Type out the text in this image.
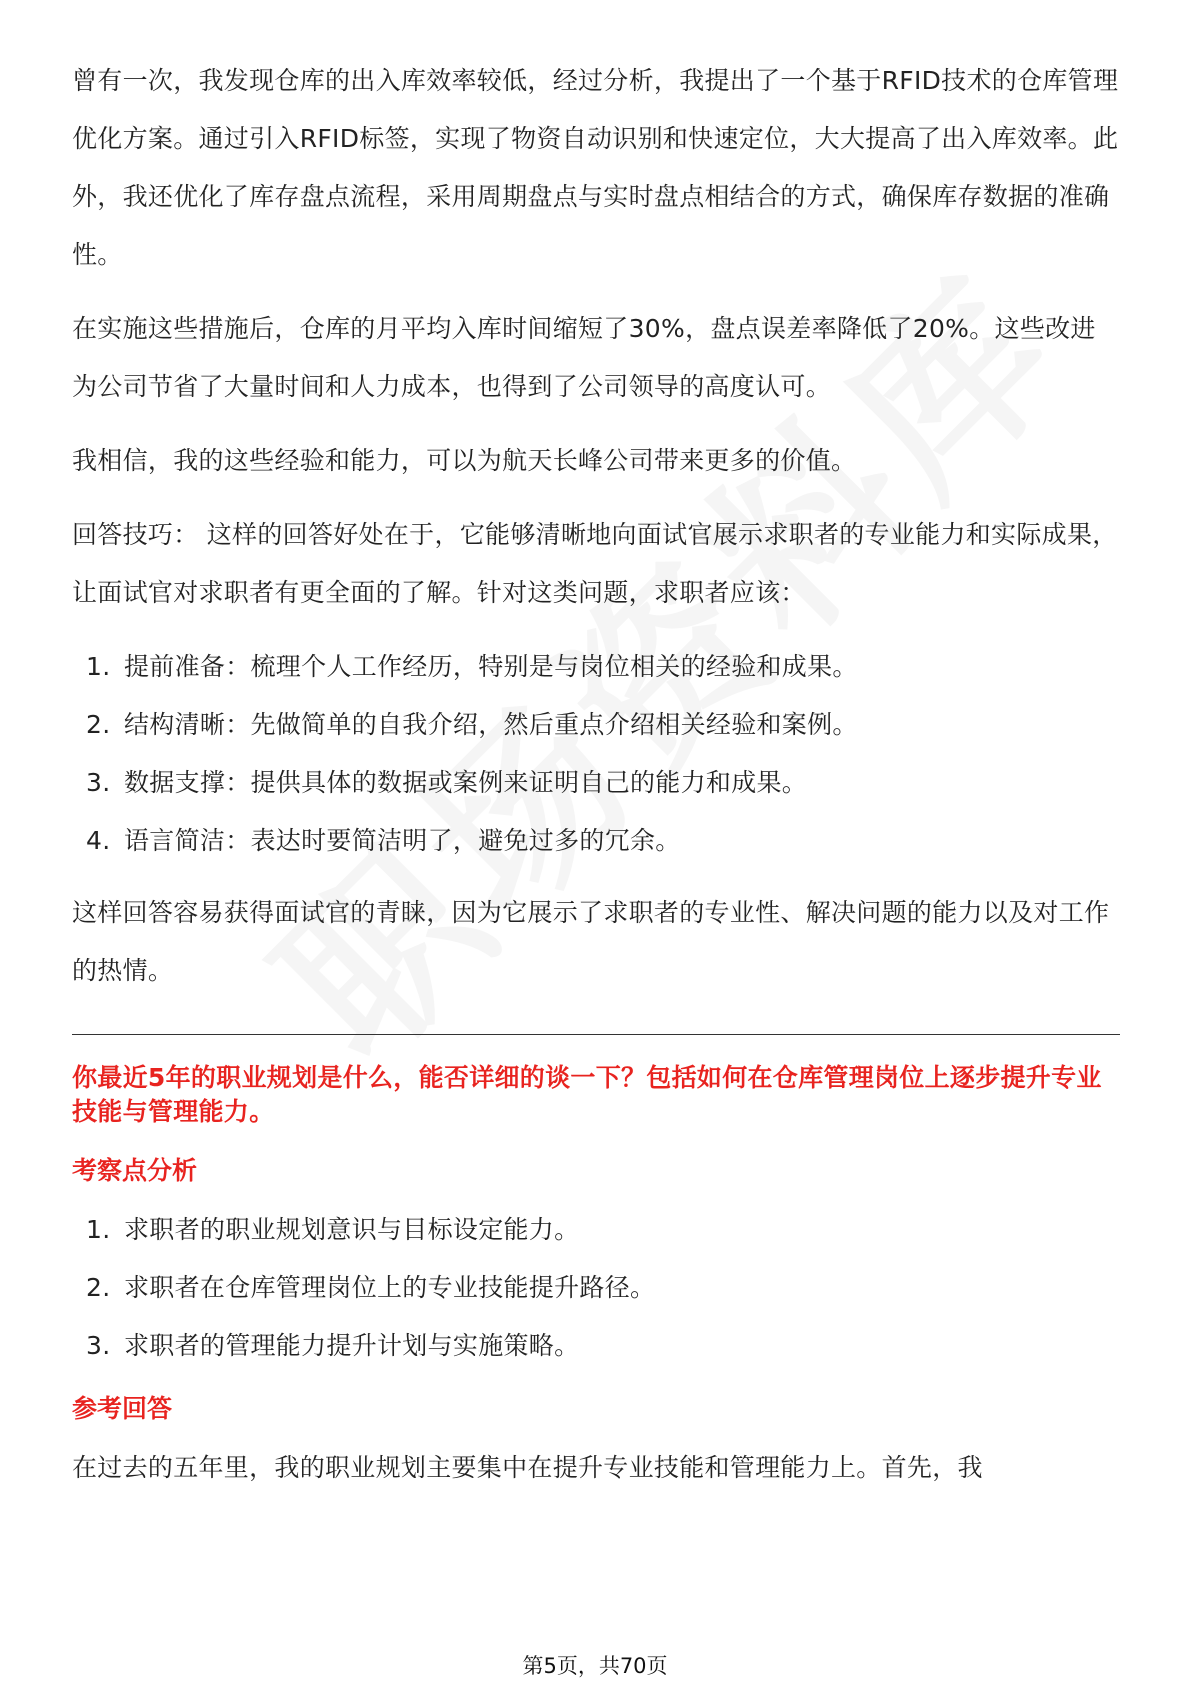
曾有一次，我发现仓库的出入库效率较低，经过分析，我提出了一个基于RFID技术的仓库管理优化方案。通过引入RFID标签，实现了物资自动识别和快速定位，大大提高了出入库效率。此外，我还优化了库存盘点流程，采用周期盘点与实时盘点相结合的方式，确保库存数据的准确性。

在实施这些措施后，仓库的月平均入库时间缩短了30%，盘点误差率降低了20%。这些改进为公司节省了大量时间和人力成本，也得到了公司领导的高度认可。

我相信，我的这些经验和能力，可以为航天长峰公司带来更多的价值。

回答技巧： 这样的回答好处在于，它能够清晰地向面试官展示求职者的专业能力和实际成果，让面试官对求职者有更全面的了解。针对这类问题，求职者应该：

1. 提前准备：梳理个人工作经历，特别是与岗位相关的经验和成果。
2. 结构清晰：先做简单的自我介绍，然后重点介绍相关经验和案例。
3. 数据支撑：提供具体的数据或案例来证明自己的能力和成果。
4. 语言简洁：表达时要简洁明了，避免过多的冗余。

这样回答容易获得面试官的青睐，因为它展示了求职者的专业性、解决问题的能力以及对工作的热情。

你最近5年的职业规划是什么，能否详细的谈一下？包括如何在仓库管理岗位上逐步提升专业技能与管理能力。

考察点分析
1. 求职者的职业规划意识与目标设定能力。
2. 求职者在仓库管理岗位上的专业技能提升路径。
3. 求职者的管理能力提升计划与实施策略。
参考回答

在过去的五年里，我的职业规划主要集中在提升专业技能和管理能力上。首先，我

第5页，共70页
